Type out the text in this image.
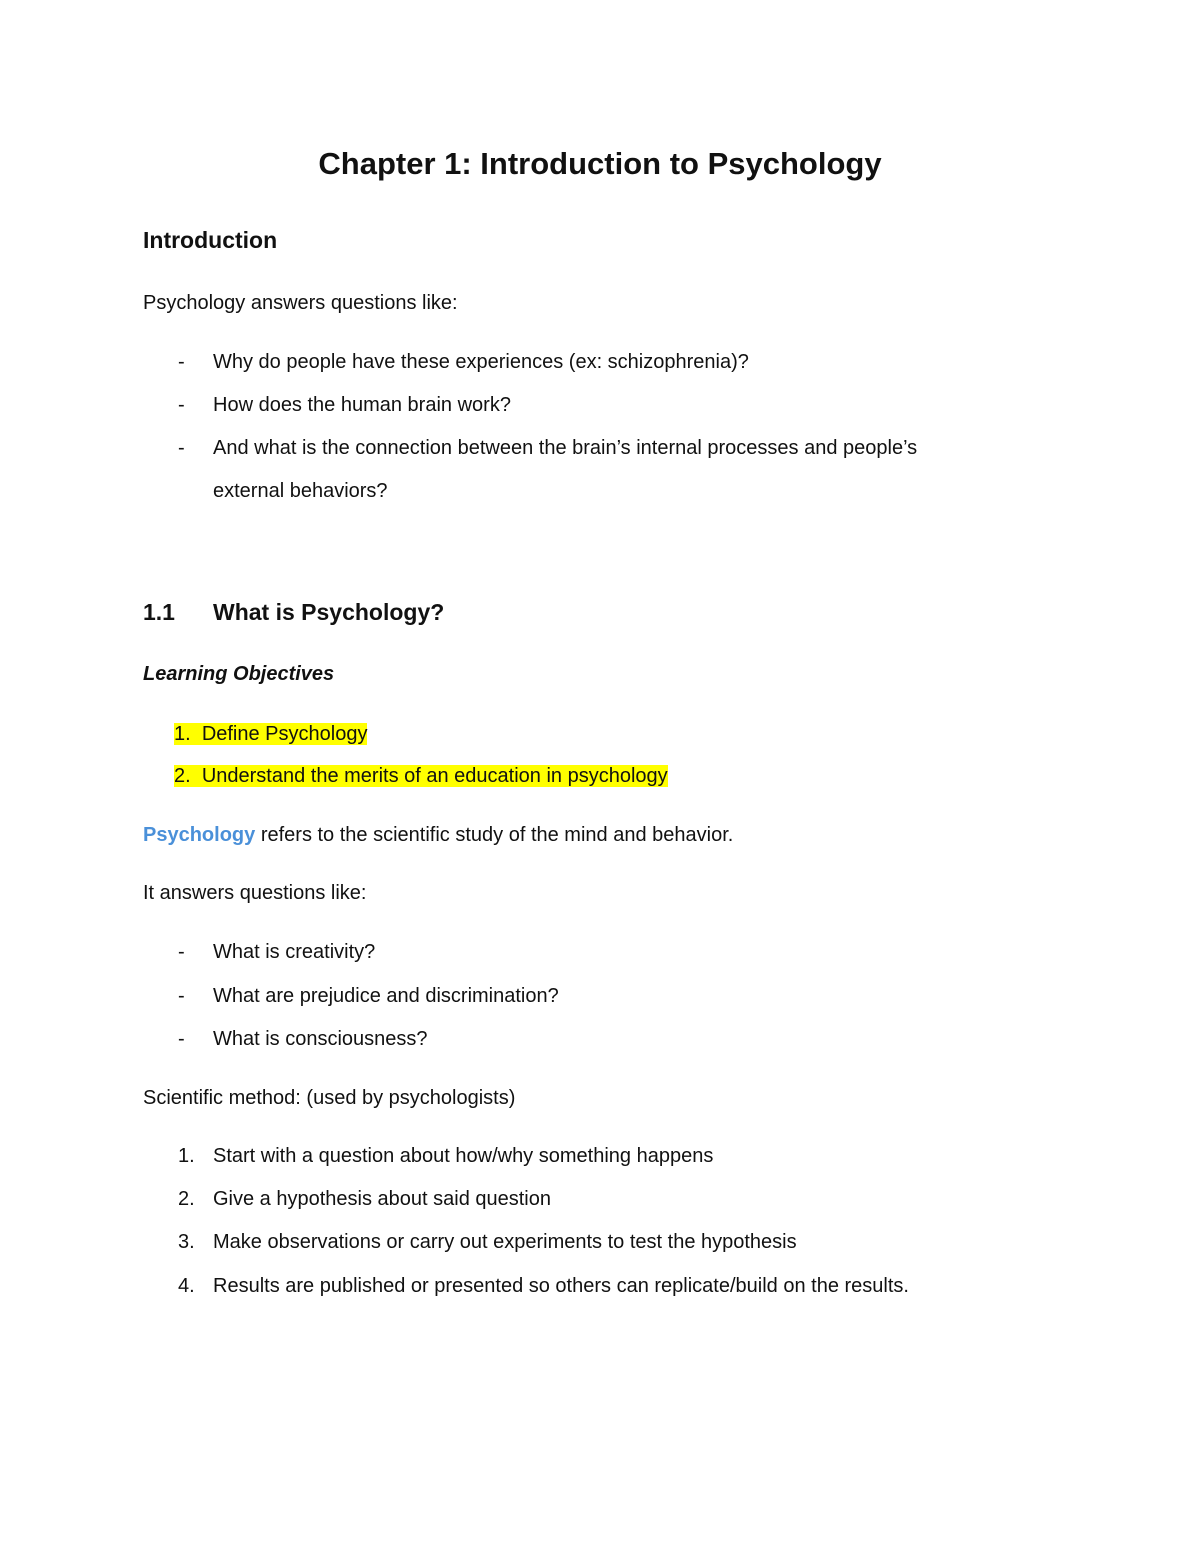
Chapter 1: Introduction to Psychology
Introduction
Psychology answers questions like:
- Why do people have these experiences (ex: schizophrenia)?
- How does the human brain work?
- And what is the connection between the brain’s internal processes and people’s
external behaviors?
1.1 What is Psychology?
Learning Objectives
1. Define Psychology
2. Understand the merits of an education in psychology
Psychology refers to the scientific study of the mind and behavior.
It answers questions like:
- What is creativity?
- What are prejudice and discrimination?
- What is consciousness?
Scientific method: (used by psychologists)
1. Start with a question about how/why something happens
2. Give a hypothesis about said question
3. Make observations or carry out experiments to test the hypothesis
4. Results are published or presented so others can replicate/build on the results.
